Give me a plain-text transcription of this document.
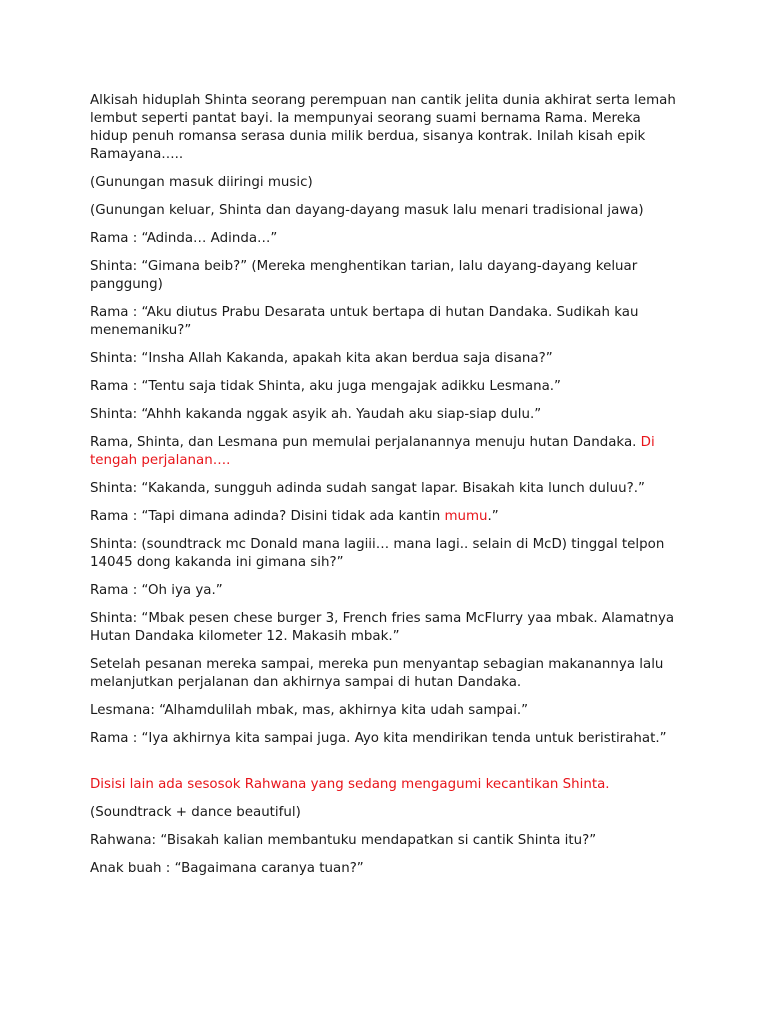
Alkisah hiduplah Shinta seorang perempuan nan cantik jelita dunia akhirat serta lemah lembut seperti pantat bayi. Ia mempunyai seorang suami bernama Rama. Mereka hidup penuh romansa serasa dunia milik berdua, sisanya kontrak. Inilah kisah epik Ramayana…..

(Gunungan masuk diiringi music)

(Gunungan keluar, Shinta dan dayang-dayang masuk lalu menari tradisional jawa)

Rama : “Adinda… Adinda…”

Shinta: “Gimana beib?” (Mereka menghentikan tarian, lalu dayang-dayang keluar panggung)

Rama : “Aku diutus Prabu Desarata untuk bertapa di hutan Dandaka. Sudikah kau menemaniku?”

Shinta: “Insha Allah Kakanda, apakah kita akan berdua saja disana?”

Rama : “Tentu saja tidak Shinta, aku juga mengajak adikku Lesmana.”

Shinta: “Ahhh kakanda nggak asyik ah. Yaudah aku siap-siap dulu.”

Rama, Shinta, dan Lesmana pun memulai perjalanannya menuju hutan Dandaka. Di tengah perjalanan….

Shinta: “Kakanda, sungguh adinda sudah sangat lapar. Bisakah kita lunch duluu?.”

Rama : “Tapi dimana adinda? Disini tidak ada kantin mumu.”

Shinta: (soundtrack mc Donald mana lagiii… mana lagi.. selain di McD) tinggal telpon 14045 dong kakanda ini gimana sih?”

Rama : “Oh iya ya.”

Shinta: “Mbak pesen chese burger 3, French fries sama McFlurry yaa mbak. Alamatnya Hutan Dandaka kilometer 12. Makasih mbak.”

Setelah pesanan mereka sampai, mereka pun menyantap sebagian makanannya lalu melanjutkan perjalanan dan akhirnya sampai di hutan Dandaka.

Lesmana: “Alhamdulilah mbak, mas, akhirnya kita udah sampai.”

Rama : “Iya akhirnya kita sampai juga. Ayo kita mendirikan tenda untuk beristirahat.”

Disisi lain ada sesosok Rahwana yang sedang mengagumi kecantikan Shinta.

(Soundtrack + dance beautiful)

Rahwana: “Bisakah kalian membantuku mendapatkan si cantik Shinta itu?”

Anak buah : “Bagaimana caranya tuan?”
